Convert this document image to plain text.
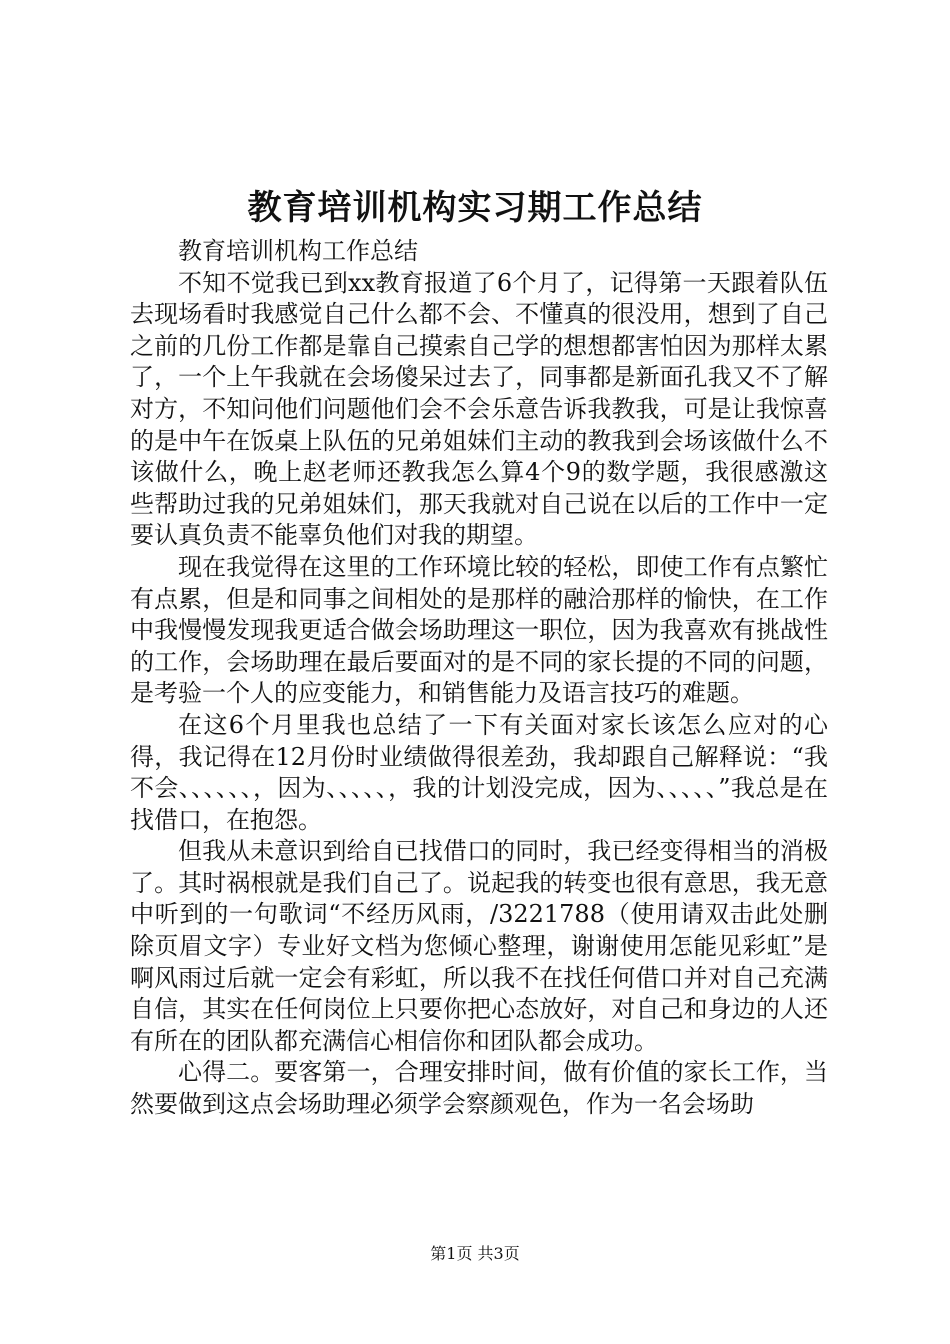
教育培训机构实习期工作总结

教育培训机构工作总结

不知不觉我已到xx教育报道了6个月了，记得第一天跟着队伍去现场看时我感觉自己什么都不会、不懂真的很没用，想到了自己之前的几份工作都是靠自己摸索自己学的想想都害怕因为那样太累了，一个上午我就在会场傻呆过去了，同事都是新面孔我又不了解对方，不知问他们问题他们会不会乐意告诉我教我，可是让我惊喜的是中午在饭桌上队伍的兄弟姐妹们主动的教我到会场该做什么不该做什么，晚上赵老师还教我怎么算4个9的数学题，我很感激这些帮助过我的兄弟姐妹们，那天我就对自己说在以后的工作中一定要认真负责不能辜负他们对我的期望。

现在我觉得在这里的工作环境比较的轻松，即使工作有点繁忙有点累，但是和同事之间相处的是那样的融洽那样的愉快，在工作中我慢慢发现我更适合做会场助理这一职位，因为我喜欢有挑战性的工作，会场助理在最后要面对的是不同的家长提的不同的问题，是考验一个人的应变能力，和销售能力及语言技巧的难题。

在这6个月里我也总结了一下有关面对家长该怎么应对的心得，我记得在12月份时业绩做得很差劲，我却跟自己解释说：“我不会、、、、、、，因为、、、、、，我的计划没完成，因为、、、、、”我总是在找借口，在抱怨。

但我从未意识到给自已找借口的同时，我已经变得相当的消极了。其时祸根就是我们自己了。说起我的转变也很有意思，我无意中听到的一句歌词“不经历风雨，/3221788（使用请双击此处删除页眉文字）专业好文档为您倾心整理，谢谢使用怎能见彩虹”是啊风雨过后就一定会有彩虹，所以我不在找任何借口并对自己充满自信，其实在任何岗位上只要你把心态放好，对自己和身边的人还有所在的团队都充满信心相信你和团队都会成功。

心得二。要客第一，合理安排时间，做有价值的家长工作，当然要做到这点会场助理必须学会察颜观色，作为一名会场助

第1页 共3页
